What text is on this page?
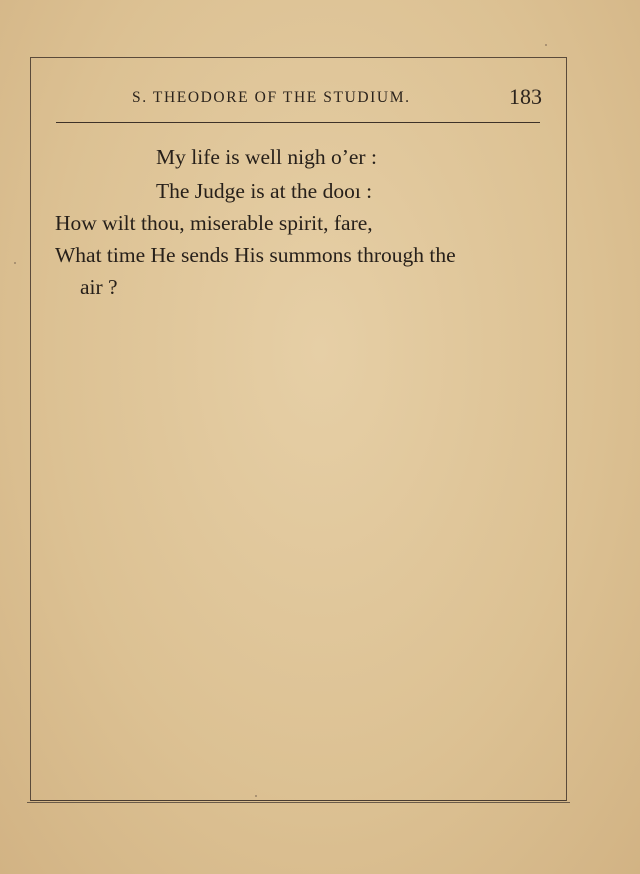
S. THEODORE OF THE STUDIUM.	183
My life is well nigh o’er :
The Judge is at the dooı :
How wilt thou, miserable spirit, fare,
What time He sends His summons through the
air ?
